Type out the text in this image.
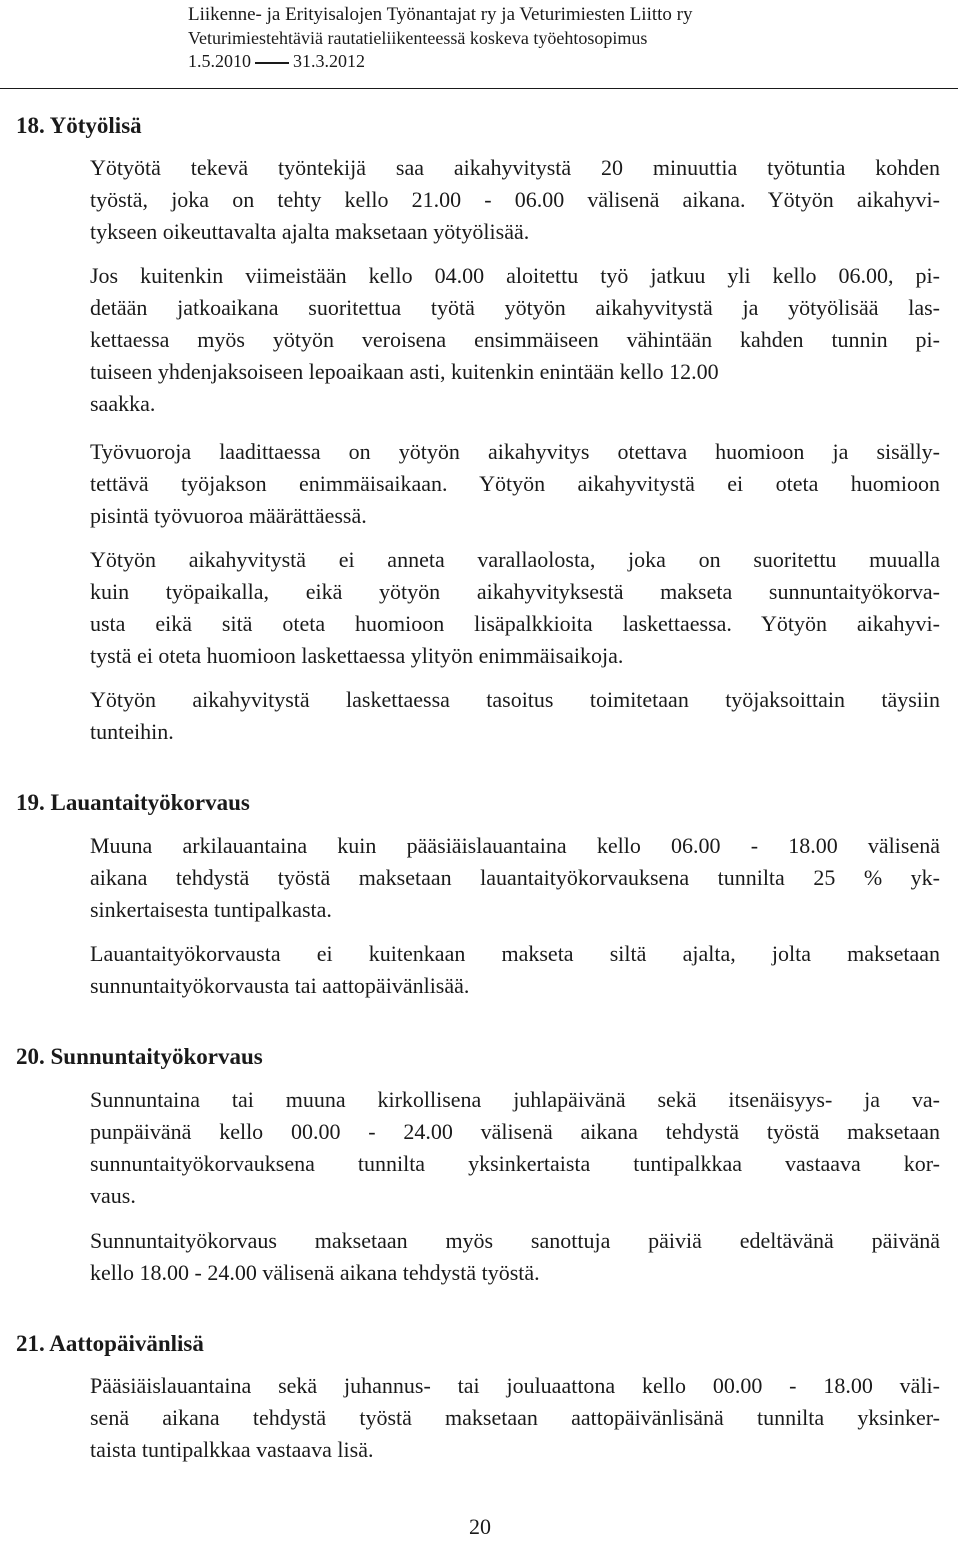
Liikenne- ja Erityisalojen Työnantajat ry ja Veturimiesten Liitto ry
Veturimiestehtäviä rautatieliikenteessä koskeva työehtosopimus
1.5.2010 31.3.2012
18. Yötyölisä
Yötyötä tekevä työntekijä saa aikahyvitystä 20 minuuttia työtuntia kohden
työstä, joka on tehty kello 21.00 - 06.00 välisenä aikana. Yötyön aikahyvi-
tykseen oikeuttavalta ajalta maksetaan yötyölisää.
Jos kuitenkin viimeistään kello 04.00 aloitettu työ jatkuu yli kello 06.00, pi-
detään jatkoaikana suoritettua työtä yötyön aikahyvitystä ja yötyölisää las-
kettaessa myös yötyön veroisena ensimmäiseen vähintään kahden tunnin pi-
tuiseen yhdenjaksoiseen lepoaikaan asti, kuitenkin enintään kello 12.00
saakka.
Työvuoroja laadittaessa on yötyön aikahyvitys otettava huomioon ja sisälly-
tettävä työjakson enimmäisaikaan. Yötyön aikahyvitystä ei oteta huomioon
pisintä työvuoroa määrättäessä.
Yötyön aikahyvitystä ei anneta varallaolosta, joka on suoritettu muualla
kuin työpaikalla, eikä yötyön aikahyvityksestä makseta sunnuntaityökorva-
usta eikä sitä oteta huomioon lisäpalkkioita laskettaessa. Yötyön aikahyvi-
tystä ei oteta huomioon laskettaessa ylityön enimmäisaikoja.
Yötyön aikahyvitystä laskettaessa tasoitus toimitetaan työjaksoittain täysiin
tunteihin.
19. Lauantaityökorvaus
Muuna arkilauantaina kuin pääsiäislauantaina kello 06.00 - 18.00 välisenä
aikana tehdystä työstä maksetaan lauantaityökorvauksena tunnilta 25 % yk-
sinkertaisesta tuntipalkasta.
Lauantaityökorvausta ei kuitenkaan makseta siltä ajalta, jolta maksetaan
sunnuntaityökorvausta tai aattopäivänlisää.
20. Sunnuntaityökorvaus
Sunnuntaina tai muuna kirkollisena juhlapäivänä sekä itsenäisyys- ja va-
punpäivänä kello 00.00 - 24.00 välisenä aikana tehdystä työstä maksetaan
sunnuntaityökorvauksena tunnilta yksinkertaista tuntipalkkaa vastaava kor-
vaus.
Sunnuntaityökorvaus maksetaan myös sanottuja päiviä edeltävänä päivänä
kello 18.00 - 24.00 välisenä aikana tehdystä työstä.
21. Aattopäivänlisä
Pääsiäislauantaina sekä juhannus- tai jouluaattona kello 00.00 - 18.00 väli-
senä aikana tehdystä työstä maksetaan aattopäivänlisänä tunnilta yksinker-
taista tuntipalkkaa vastaava lisä.
20
